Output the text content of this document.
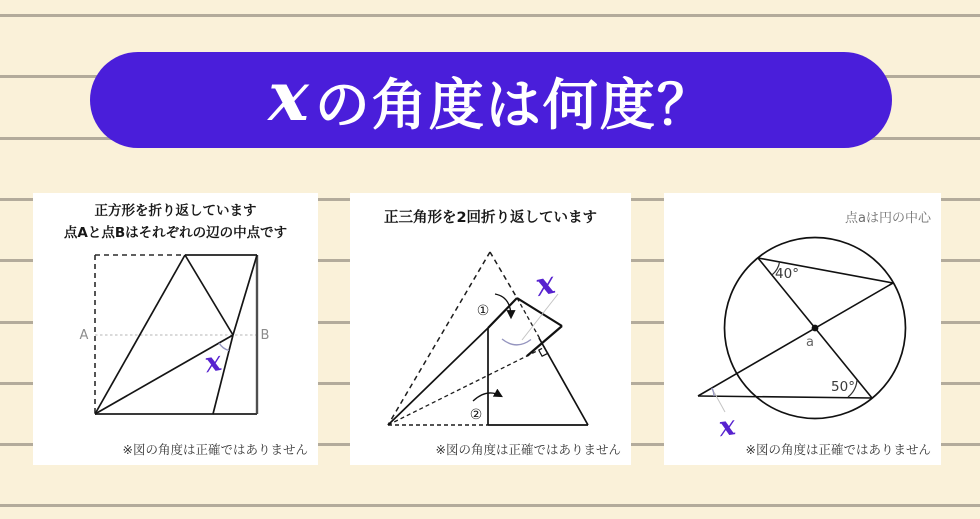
x の角度は何度？
正方形を折り返しています
点Aと点Bはそれぞれの辺の中点です
A	B
x
※図の角度は正確ではありません
正三角形を2回折り返しています
①
②
x
※図の角度は正確ではありません
点aは円の中心
a
40°
50°
x
※図の角度は正確ではありません
